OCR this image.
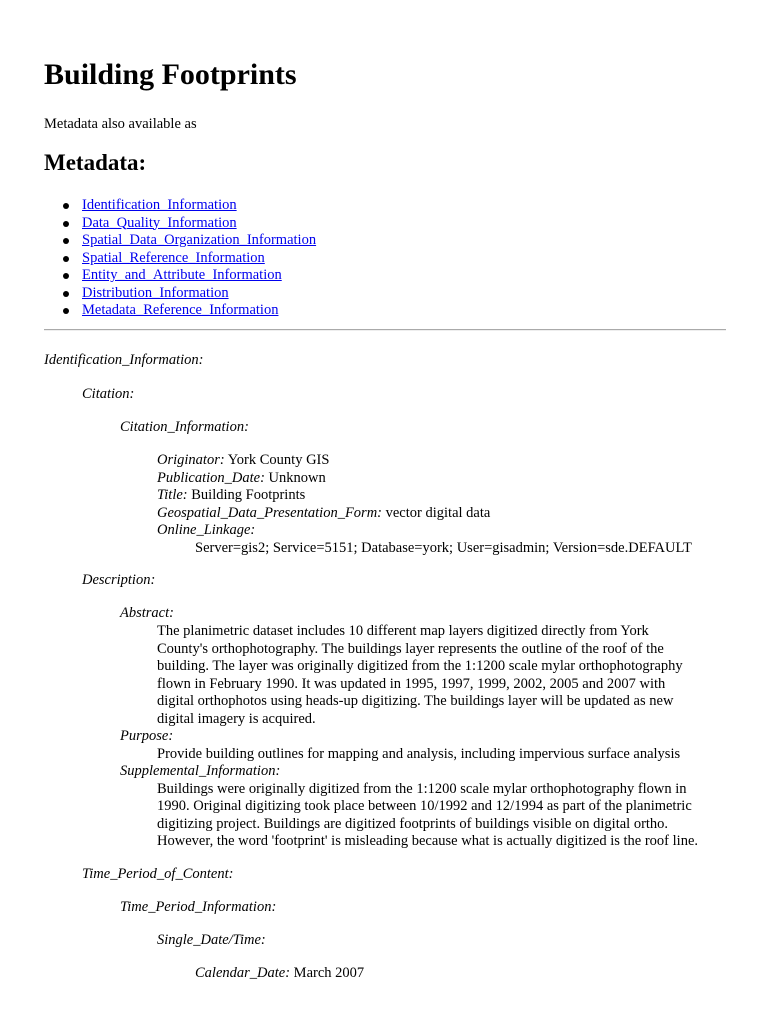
Building Footprints
Metadata also available as
Metadata:
Identification_Information
Data_Quality_Information
Spatial_Data_Organization_Information
Spatial_Reference_Information
Entity_and_Attribute_Information
Distribution_Information
Metadata_Reference_Information
Identification_Information:
Citation:
Citation_Information:
Originator: York County GIS
Publication_Date: Unknown
Title: Building Footprints
Geospatial_Data_Presentation_Form: vector digital data
Online_Linkage:
Server=gis2; Service=5151; Database=york; User=gisadmin; Version=sde.DEFAULT
Description:
Abstract:
The planimetric dataset includes 10 different map layers digitized directly from York
County's orthophotography. The buildings layer represents the outline of the roof of the
building. The layer was originally digitized from the 1:1200 scale mylar orthophotography
flown in February 1990. It was updated in 1995, 1997, 1999, 2002, 2005 and 2007 with
digital orthophotos using heads-up digitizing. The buildings layer will be updated as new
digital imagery is acquired.
Purpose:
Provide building outlines for mapping and analysis, including impervious surface analysis
Supplemental_Information:
Buildings were originally digitized from the 1:1200 scale mylar orthophotography flown in
1990. Original digitizing took place between 10/1992 and 12/1994 as part of the planimetric
digitizing project. Buildings are digitized footprints of buildings visible on digital ortho.
However, the word 'footprint' is misleading because what is actually digitized is the roof line.
Time_Period_of_Content:
Time_Period_Information:
Single_Date/Time:
Calendar_Date: March 2007
